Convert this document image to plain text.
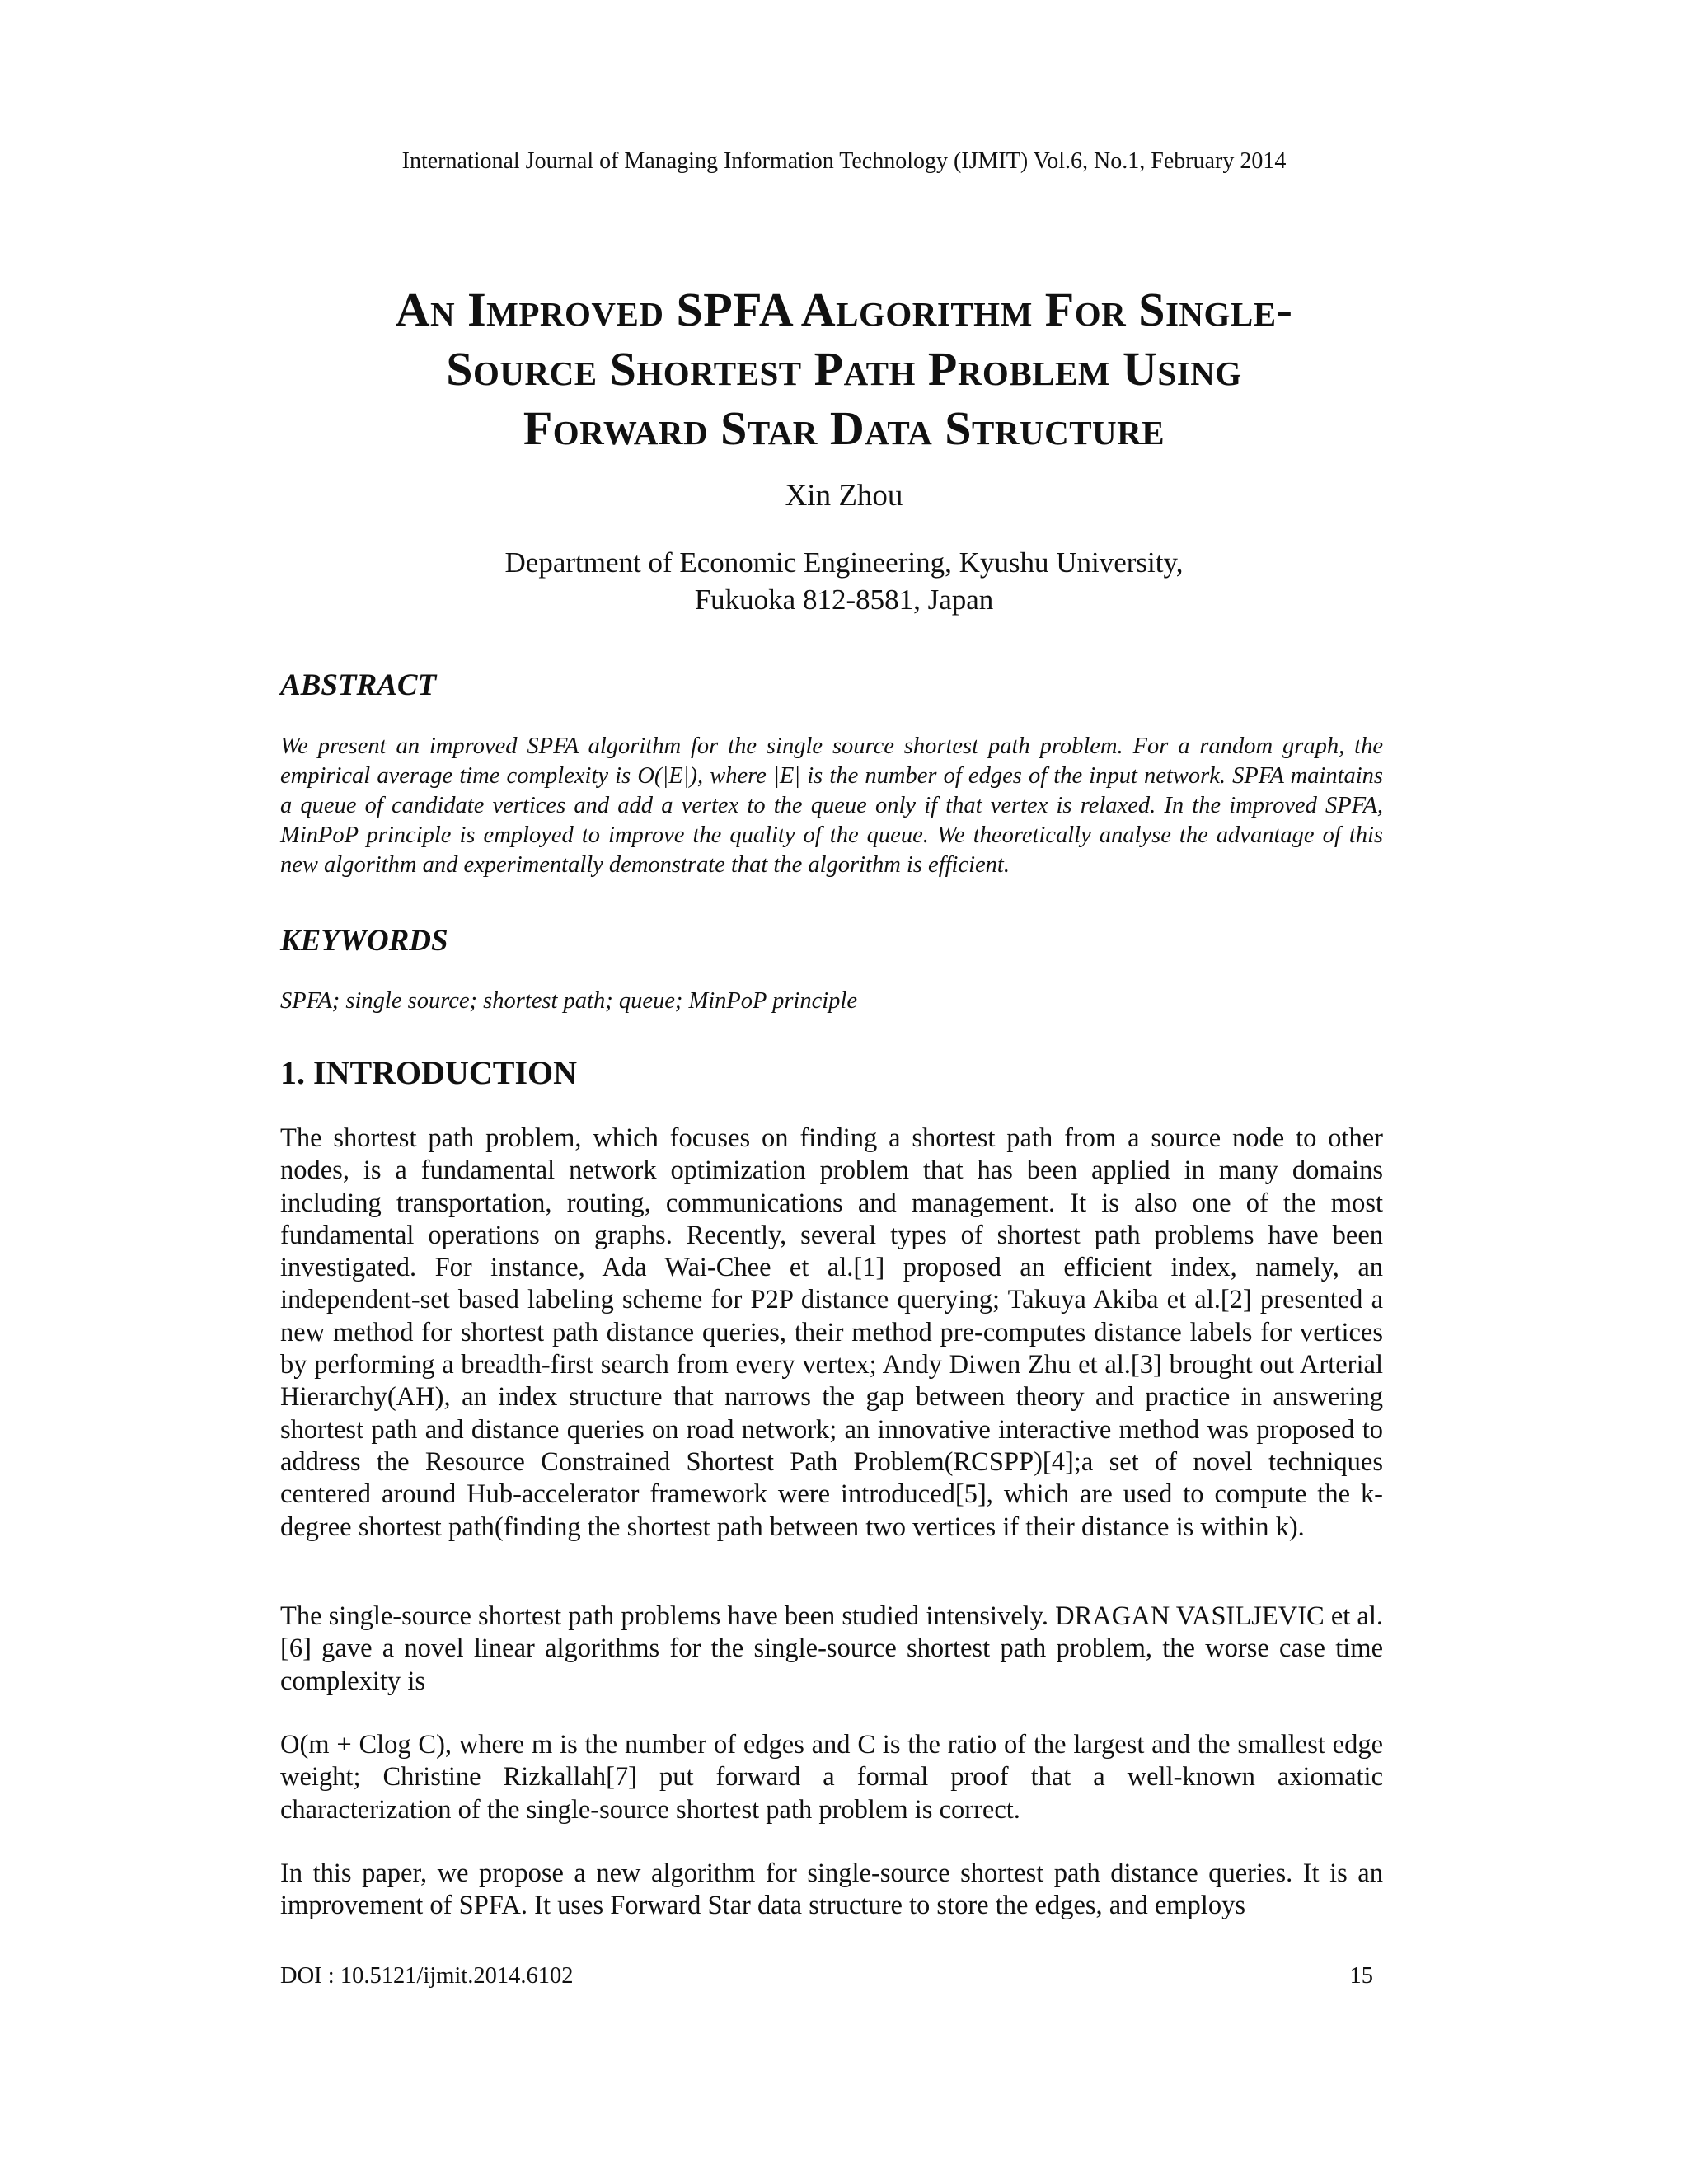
International Journal of Managing Information Technology (IJMIT) Vol.6, No.1, February 2014
An Improved SPFA Algorithm For Single-
Source Shortest Path Problem Using
Forward Star Data Structure
Xin Zhou
Department of Economic Engineering, Kyushu University,
Fukuoka 812-8581, Japan
ABSTRACT

We present an improved SPFA algorithm for the single source shortest path problem. For a random graph, the empirical average time complexity is O(|E|), where |E| is the number of edges of the input network. SPFA maintains a queue of candidate vertices and add a vertex to the queue only if that vertex is relaxed. In the improved SPFA, MinPoP principle is employed to improve the quality of the queue. We theoretically analyse the advantage of this new algorithm and experimentally demonstrate that the algorithm is efficient.

KEYWORDS

SPFA; single source; shortest path; queue; MinPoP principle

1. INTRODUCTION

The shortest path problem, which focuses on finding a shortest path from a source node to other nodes, is a fundamental network optimization problem that has been applied in many domains including transportation, routing, communications and management. It is also one of the most fundamental operations on graphs. Recently, several types of shortest path problems have been investigated. For instance, Ada Wai-Chee et al.[1] proposed an efficient index, namely, an independent-set based labeling scheme for P2P distance querying; Takuya Akiba et al.[2] presented a new method for shortest path distance queries, their method pre-computes distance labels for vertices by performing a breadth-first search from every vertex; Andy Diwen Zhu et al.[3] brought out Arterial Hierarchy(AH), an index structure that narrows the gap between theory and practice in answering shortest path and distance queries on road network; an innovative interactive method was proposed to address the Resource Constrained Shortest Path Problem(RCSPP)[4];a set of novel techniques centered around Hub-accelerator framework were introduced[5], which are used to compute the k-degree shortest path(finding the shortest path between two vertices if their distance is within k).

The single-source shortest path problems have been studied intensively. DRAGAN VASILJEVIC et al.[6] gave a novel linear algorithms for the single-source shortest path problem, the worse case time complexity is

O(m + Clog C), where m is the number of edges and C is the ratio of the largest and the smallest edge weight; Christine Rizkallah[7] put forward a formal proof that a well-known axiomatic characterization of the single-source shortest path problem is correct.

In this paper, we propose a new algorithm for single-source shortest path distance queries. It is an improvement of SPFA. It uses Forward Star data structure to store the edges, and employs

DOI : 10.5121/ijmit.2014.6102	15
